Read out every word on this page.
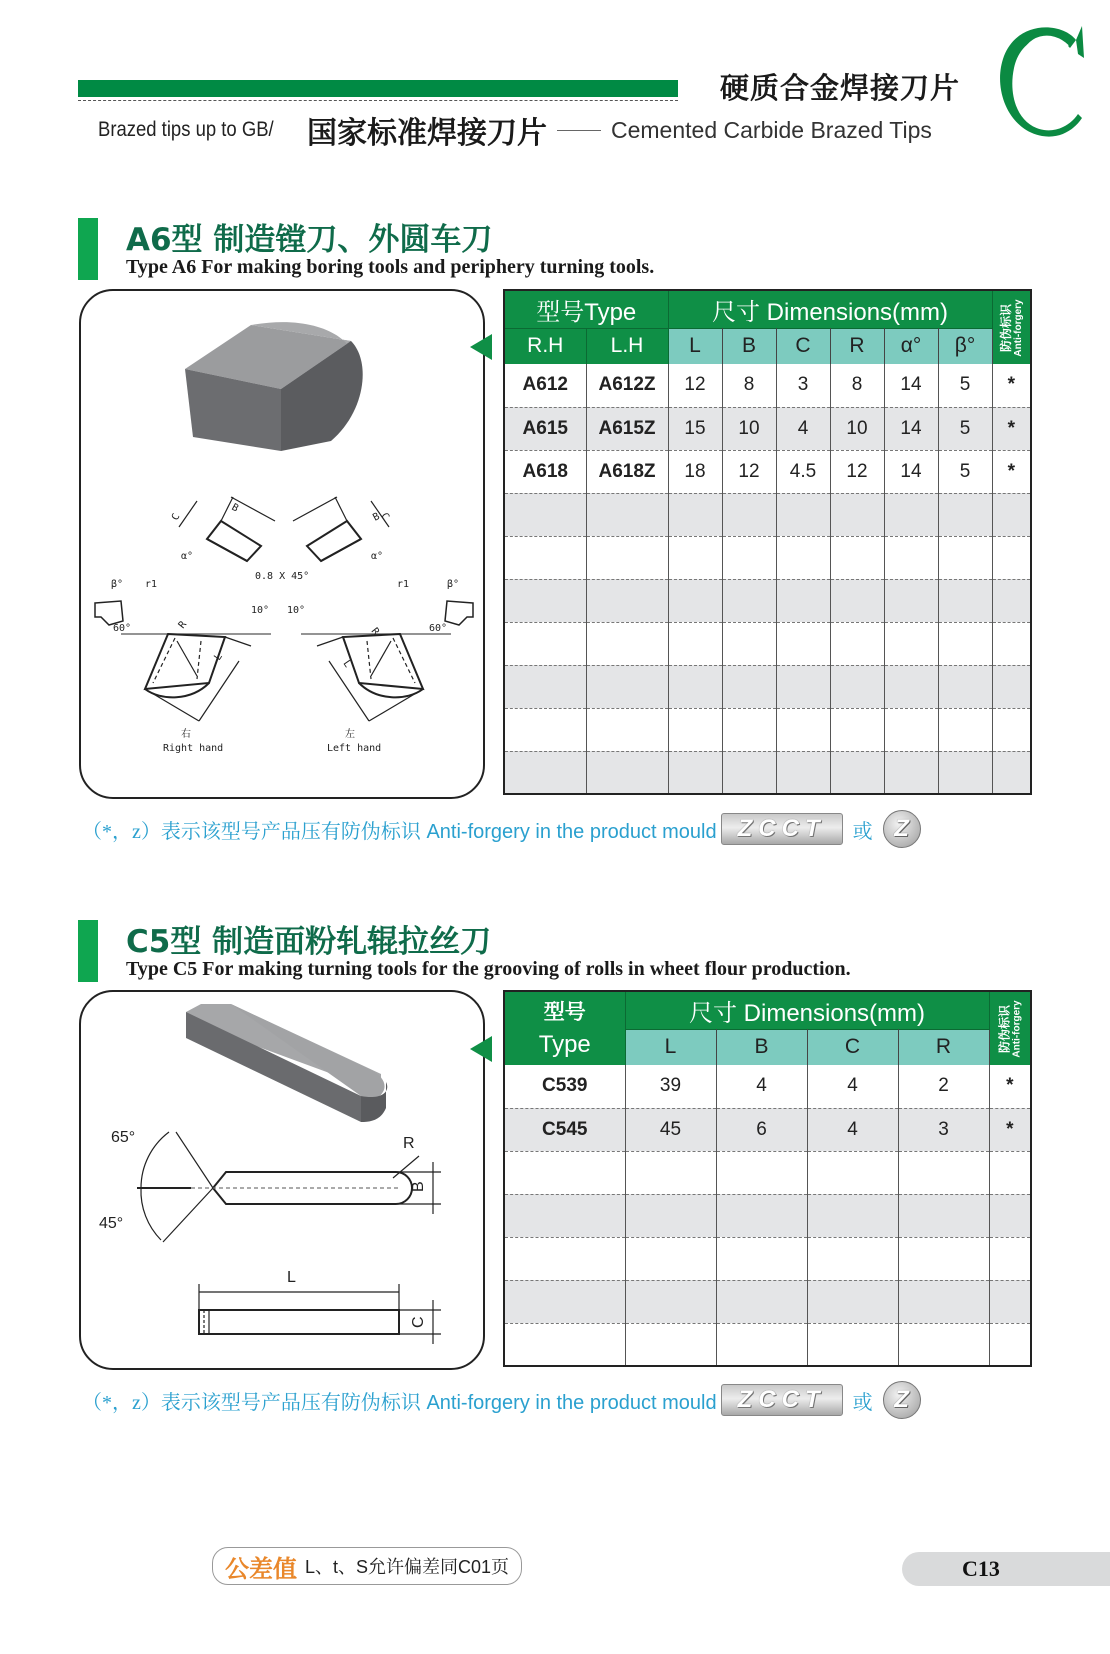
硬质合金焊接刀片
Brazed tips up to GB/ 国家标准焊接刀片	Cemented Carbide Brazed Tips
A6型 制造镗刀、外圆车刀
Type A6 For making boring tools and periphery turning tools.
C
B
α°
0.8 X 45°
β° r1
60°
10°
R
L
B
C
α°
β°
r1
60°
10°
R
L
右
Right hand
左
Left hand
型号Type		尺寸 Dimensions(mm)						防伪标识 Anti-forgery

R.H	L.H	L	B	C	R	α°	β°	
A612	A612Z	12	8	3	8	14	5	*
A615	A615Z	15	10	4	10	14	5	*
A618	A618Z	18	12	4.5	12	14	5	*

（*，z） 表示该型号产品压有防伪标识 Anti-forgery in the product mould ZCCT	或 Z
C5型 制造面粉轧辊拉丝刀
Type C5 For making turning tools for the grooving of rolls in wheet flour production.
65°
45°
R
B
L
C
型号
Type
	尺寸 Dimensions(mm)	防伪标识 Anti-forgery

	L	B	C	R	
C539	39	4	4	2	*
C545	45	6	4	3	*

（*，z） 表示该型号产品压有防伪标识 Anti-forgery in the product mould ZCCT	或 Z
公差值 L、t、S允许偏差同C01页	C13
